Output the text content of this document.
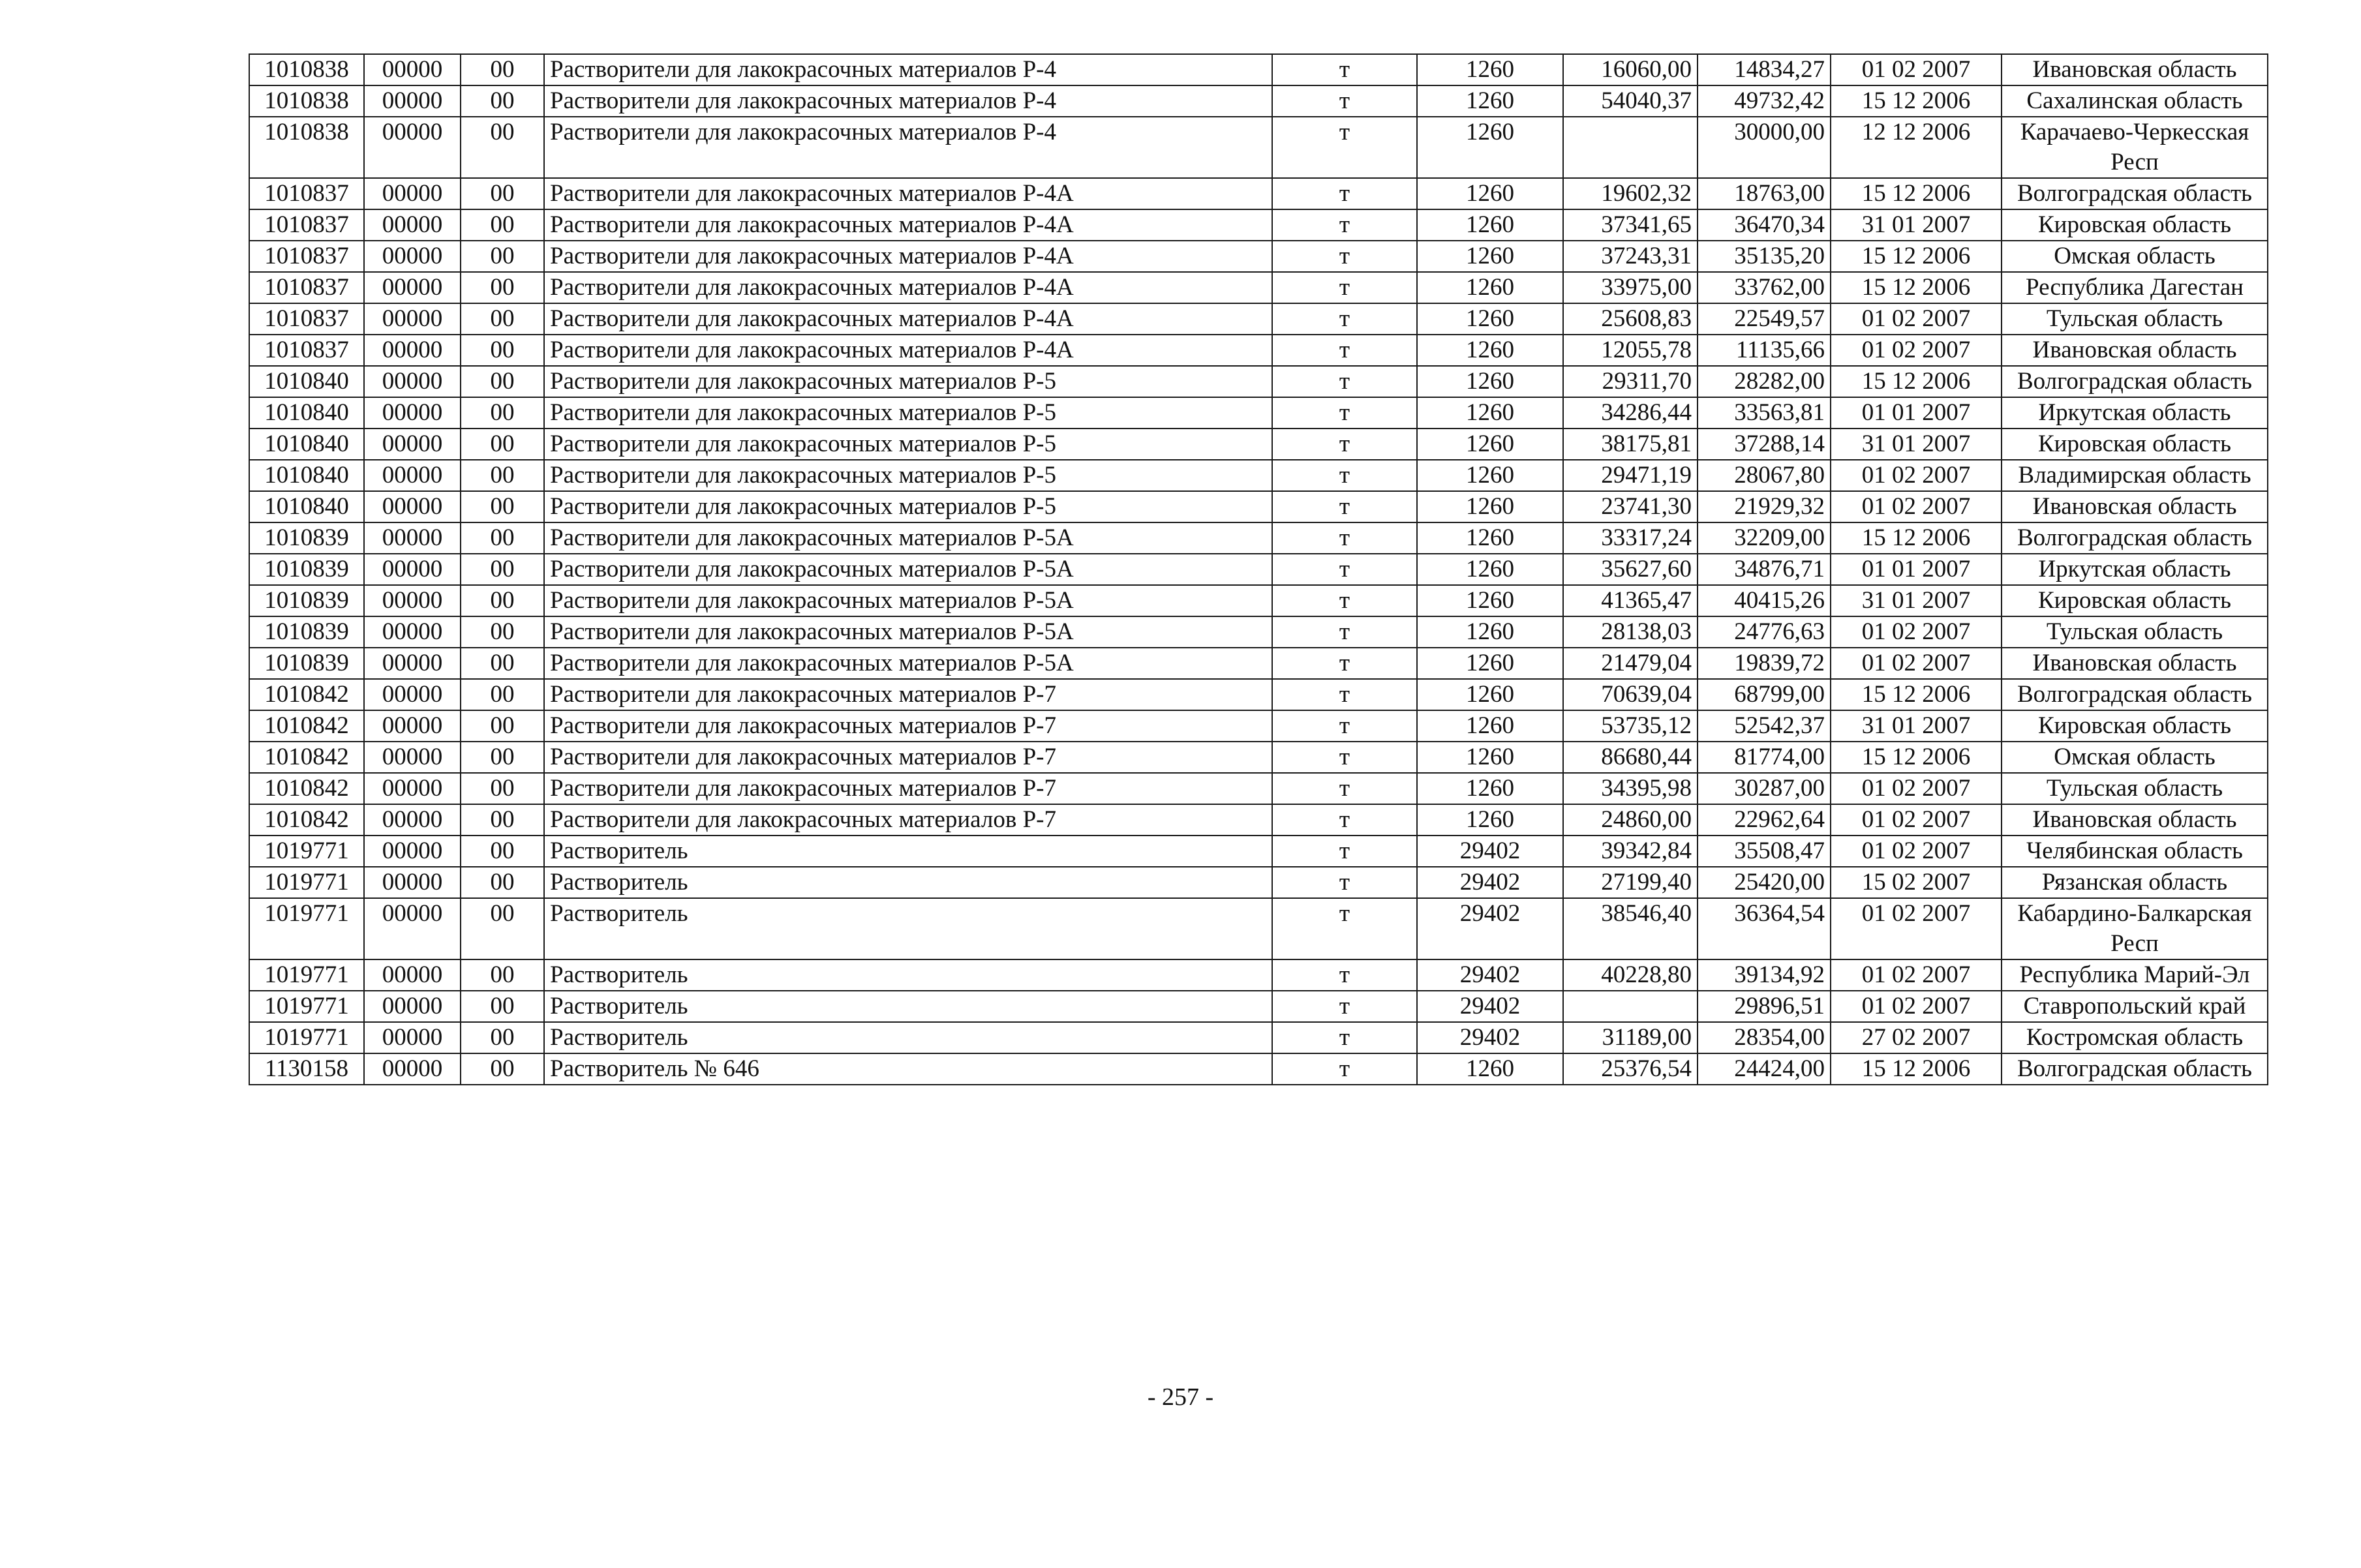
1010838	00000	00	Растворители для лакокрасочных материалов Р-4	т	1260	16060,00	14834,27	01 02 2007	Ивановская область
1010838	00000	00	Растворители для лакокрасочных материалов Р-4	т	1260	54040,37	49732,42	15 12 2006	Сахалинская область
1010838	00000	00	Растворители для лакокрасочных материалов Р-4	т	1260		30000,00	12 12 2006	Карачаево-Черкесская Респ
1010837	00000	00	Растворители для лакокрасочных материалов Р-4А	т	1260	19602,32	18763,00	15 12 2006	Волгоградская область
1010837	00000	00	Растворители для лакокрасочных материалов Р-4А	т	1260	37341,65	36470,34	31 01 2007	Кировская область
1010837	00000	00	Растворители для лакокрасочных материалов Р-4А	т	1260	37243,31	35135,20	15 12 2006	Омская область
1010837	00000	00	Растворители для лакокрасочных материалов Р-4А	т	1260	33975,00	33762,00	15 12 2006	Республика Дагестан
1010837	00000	00	Растворители для лакокрасочных материалов Р-4А	т	1260	25608,83	22549,57	01 02 2007	Тульская область
1010837	00000	00	Растворители для лакокрасочных материалов Р-4А	т	1260	12055,78	11135,66	01 02 2007	Ивановская область
1010840	00000	00	Растворители для лакокрасочных материалов Р-5	т	1260	29311,70	28282,00	15 12 2006	Волгоградская область
1010840	00000	00	Растворители для лакокрасочных материалов Р-5	т	1260	34286,44	33563,81	01 01 2007	Иркутская область
1010840	00000	00	Растворители для лакокрасочных материалов Р-5	т	1260	38175,81	37288,14	31 01 2007	Кировская область
1010840	00000	00	Растворители для лакокрасочных материалов Р-5	т	1260	29471,19	28067,80	01 02 2007	Владимирская область
1010840	00000	00	Растворители для лакокрасочных материалов Р-5	т	1260	23741,30	21929,32	01 02 2007	Ивановская область
1010839	00000	00	Растворители для лакокрасочных материалов Р-5А	т	1260	33317,24	32209,00	15 12 2006	Волгоградская область
1010839	00000	00	Растворители для лакокрасочных материалов Р-5А	т	1260	35627,60	34876,71	01 01 2007	Иркутская область
1010839	00000	00	Растворители для лакокрасочных материалов Р-5А	т	1260	41365,47	40415,26	31 01 2007	Кировская область
1010839	00000	00	Растворители для лакокрасочных материалов Р-5А	т	1260	28138,03	24776,63	01 02 2007	Тульская область
1010839	00000	00	Растворители для лакокрасочных материалов Р-5А	т	1260	21479,04	19839,72	01 02 2007	Ивановская область
1010842	00000	00	Растворители для лакокрасочных материалов Р-7	т	1260	70639,04	68799,00	15 12 2006	Волгоградская область
1010842	00000	00	Растворители для лакокрасочных материалов Р-7	т	1260	53735,12	52542,37	31 01 2007	Кировская область
1010842	00000	00	Растворители для лакокрасочных материалов Р-7	т	1260	86680,44	81774,00	15 12 2006	Омская область
1010842	00000	00	Растворители для лакокрасочных материалов Р-7	т	1260	34395,98	30287,00	01 02 2007	Тульская область
1010842	00000	00	Растворители для лакокрасочных материалов Р-7	т	1260	24860,00	22962,64	01 02 2007	Ивановская область
1019771	00000	00	Растворитель	т	29402	39342,84	35508,47	01 02 2007	Челябинская область
1019771	00000	00	Растворитель	т	29402	27199,40	25420,00	15 02 2007	Рязанская область
1019771	00000	00	Растворитель	т	29402	38546,40	36364,54	01 02 2007	Кабардино-Балкарская Респ
1019771	00000	00	Растворитель	т	29402	40228,80	39134,92	01 02 2007	Республика Марий-Эл
1019771	00000	00	Растворитель	т	29402		29896,51	01 02 2007	Ставропольский край
1019771	00000	00	Растворитель	т	29402	31189,00	28354,00	27 02 2007	Костромская область
1130158	00000	00	Растворитель № 646	т	1260	25376,54	24424,00	15 12 2006	Волгоградская область
- 257 -
